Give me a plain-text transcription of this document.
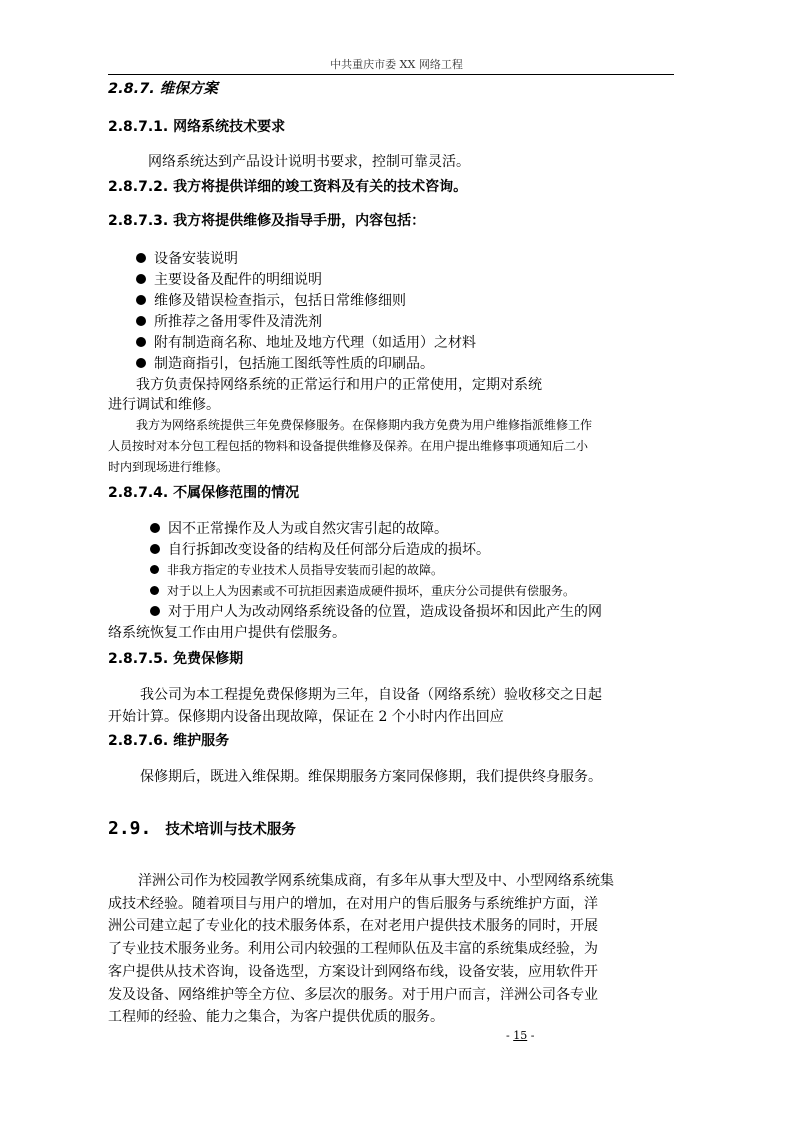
中共重庆市委 XX 网络工程
2.8.7. 维保方案
2.8.7.1. 网络系统技术要求
网络系统达到产品设计说明书要求，控制可靠灵活。
2.8.7.2. 我方将提供详细的竣工资料及有关的技术咨询。
2.8.7.3. 我方将提供维修及指导手册，内容包括：
设备安装说明
主要设备及配件的明细说明
维修及错误检查指示，包括日常维修细则
所推荐之备用零件及清洗剂
附有制造商名称、地址及地方代理（如适用）之材料
制造商指引，包括施工图纸等性质的印刷品。
我方负责保持网络系统的正常运行和用户的正常使用，定期对系统
进行调试和维修。
我方为网络系统提供三年免费保修服务。在保修期内我方免费为用户维修指派维修工作
人员按时对本分包工程包括的物料和设备提供维修及保养。在用户提出维修事项通知后二小
时内到现场进行维修。
2.8.7.4. 不属保修范围的情况
因不正常操作及人为或自然灾害引起的故障。
自行拆卸改变设备的结构及任何部分后造成的损坏。
非我方指定的专业技术人员指导安装而引起的故障。
对于以上人为因素或不可抗拒因素造成硬件损坏，重庆分公司提供有偿服务。
对于用户人为改动网络系统设备的位置，造成设备损坏和因此产生的网
络系统恢复工作由用户提供有偿服务。
2.8.7.5. 免费保修期
我公司为本工程提免费保修期为三年，自设备（网络系统）验收移交之日起
开始计算。保修期内设备出现故障，保证在 2 个小时内作出回应
2.8.7.6. 维护服务
保修期后，既进入维保期。维保期服务方案同保修期，我们提供终身服务。
2.9. 技术培训与技术服务
洋洲公司作为校园教学网系统集成商，有多年从事大型及中、小型网络系统集
成技术经验。随着项目与用户的增加，在对用户的售后服务与系统维护方面，洋
洲公司建立起了专业化的技术服务体系，在对老用户提供技术服务的同时，开展
了专业技术服务业务。利用公司内较强的工程师队伍及丰富的系统集成经验，为
客户提供从技术咨询，设备选型，方案设计到网络布线，设备安装，应用软件开
发及设备、网络维护等全方位、多层次的服务。对于用户而言，洋洲公司各专业
工程师的经验、能力之集合，为客户提供优质的服务。
- 15 -
